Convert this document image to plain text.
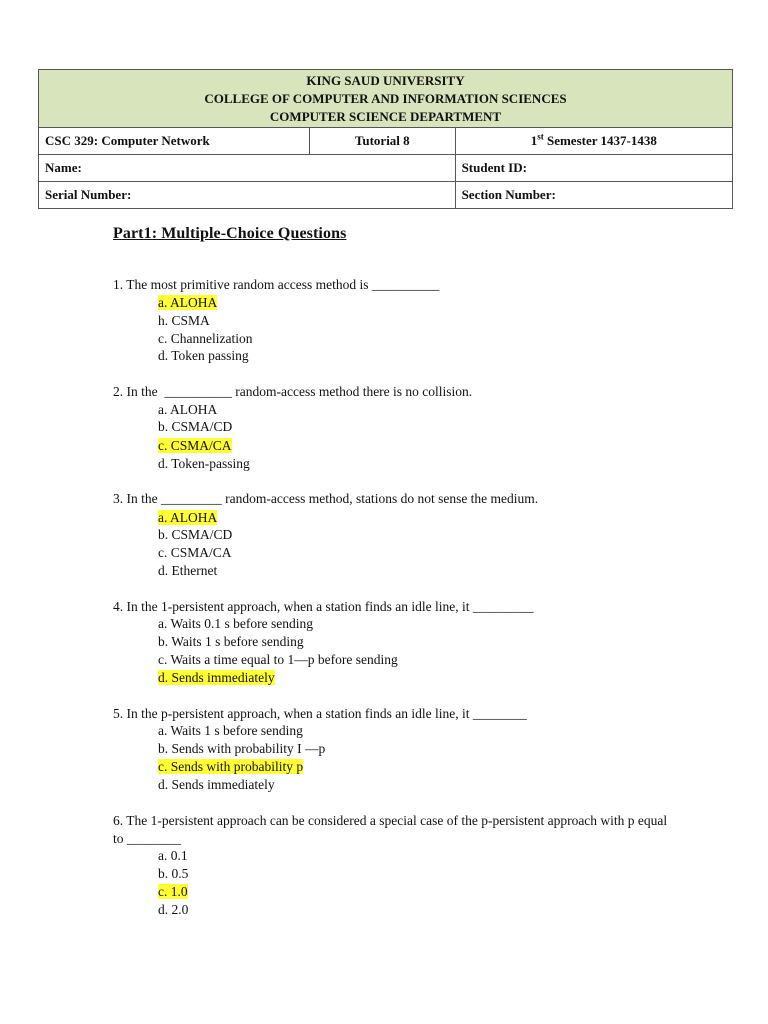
KING SAUD UNIVERSITY
COLLEGE OF COMPUTER AND INFORMATION SCIENCES
COMPUTER SCIENCE DEPARTMENT		

CSC 329: Computer Network	Tutorial 8	1st Semester 1437-1438
Name:		Student ID:
Serial Number:		Section Number:
Part1: Multiple-Choice Questions
1. The most primitive random access method is __________
a. ALOHA
h. CSMA
c. Channelization
d. Token passing
2. In the  __________ random-access method there is no collision.
a. ALOHA
b. CSMA/CD
c. CSMA/CA
d. Token-passing
3. In the _________ random-access method, stations do not sense the medium.
a. ALOHA
b. CSMA/CD
c. CSMA/CA
d. Ethernet
4. In the 1-persistent approach, when a station finds an idle line, it _________
a. Waits 0.1 s before sending
b. Waits 1 s before sending
c. Waits a time equal to 1—p before sending
d. Sends immediately
5. In the p-persistent approach, when a station finds an idle line, it ________
a. Waits 1 s before sending
b. Sends with probability I —p
c. Sends with probability p
d. Sends immediately
6. The 1-persistent approach can be considered a special case of the p-persistent approach with p equal to ________
a. 0.1
b. 0.5
c. 1.0
d. 2.0
